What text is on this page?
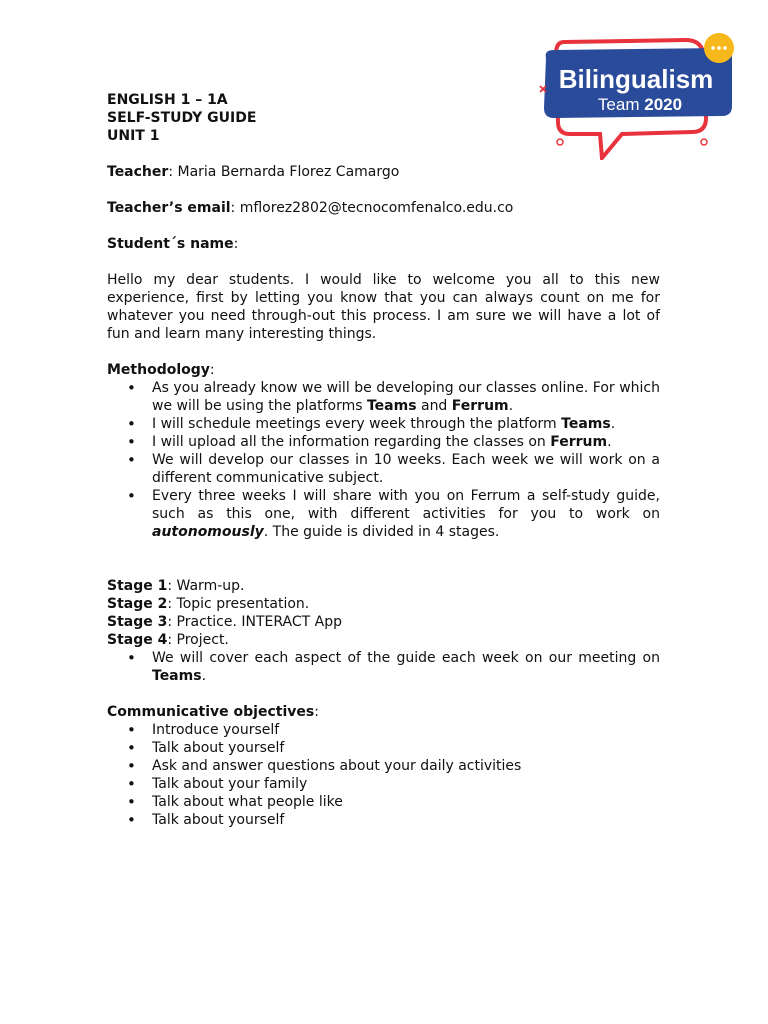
Bilingualism
Team 2020
ENGLISH 1 – 1A
SELF-STUDY GUIDE
UNIT 1
Teacher: Maria Bernarda Florez Camargo
Teacher’s email: mflorez2802@tecnocomfenalco.edu.co
Student´s name:
Hello my dear students. I would like to welcome you all to this new experience, first by letting you know that you can always count on me for whatever you need through-out this process. I am sure we will have a lot of fun and learn many interesting things.
Methodology:
• As you already know we will be developing our classes online. For which we will be using the platforms Teams and Ferrum.
• I will schedule meetings every week through the platform Teams.
• I will upload all the information regarding the classes on Ferrum.
• We will develop our classes in 10 weeks. Each week we will work on a different communicative subject.
• Every three weeks I will share with you on Ferrum a self-study guide, such as this one, with different activities for you to work on autonomously. The guide is divided in 4 stages.
Stage 1: Warm-up.
Stage 2: Topic presentation.
Stage 3: Practice. INTERACT App
Stage 4: Project.
• We will cover each aspect of the guide each week on our meeting on Teams.
Communicative objectives:
• Introduce yourself
• Talk about yourself
• Ask and answer questions about your daily activities
• Talk about your family
• Talk about what people like
• Talk about yourself
